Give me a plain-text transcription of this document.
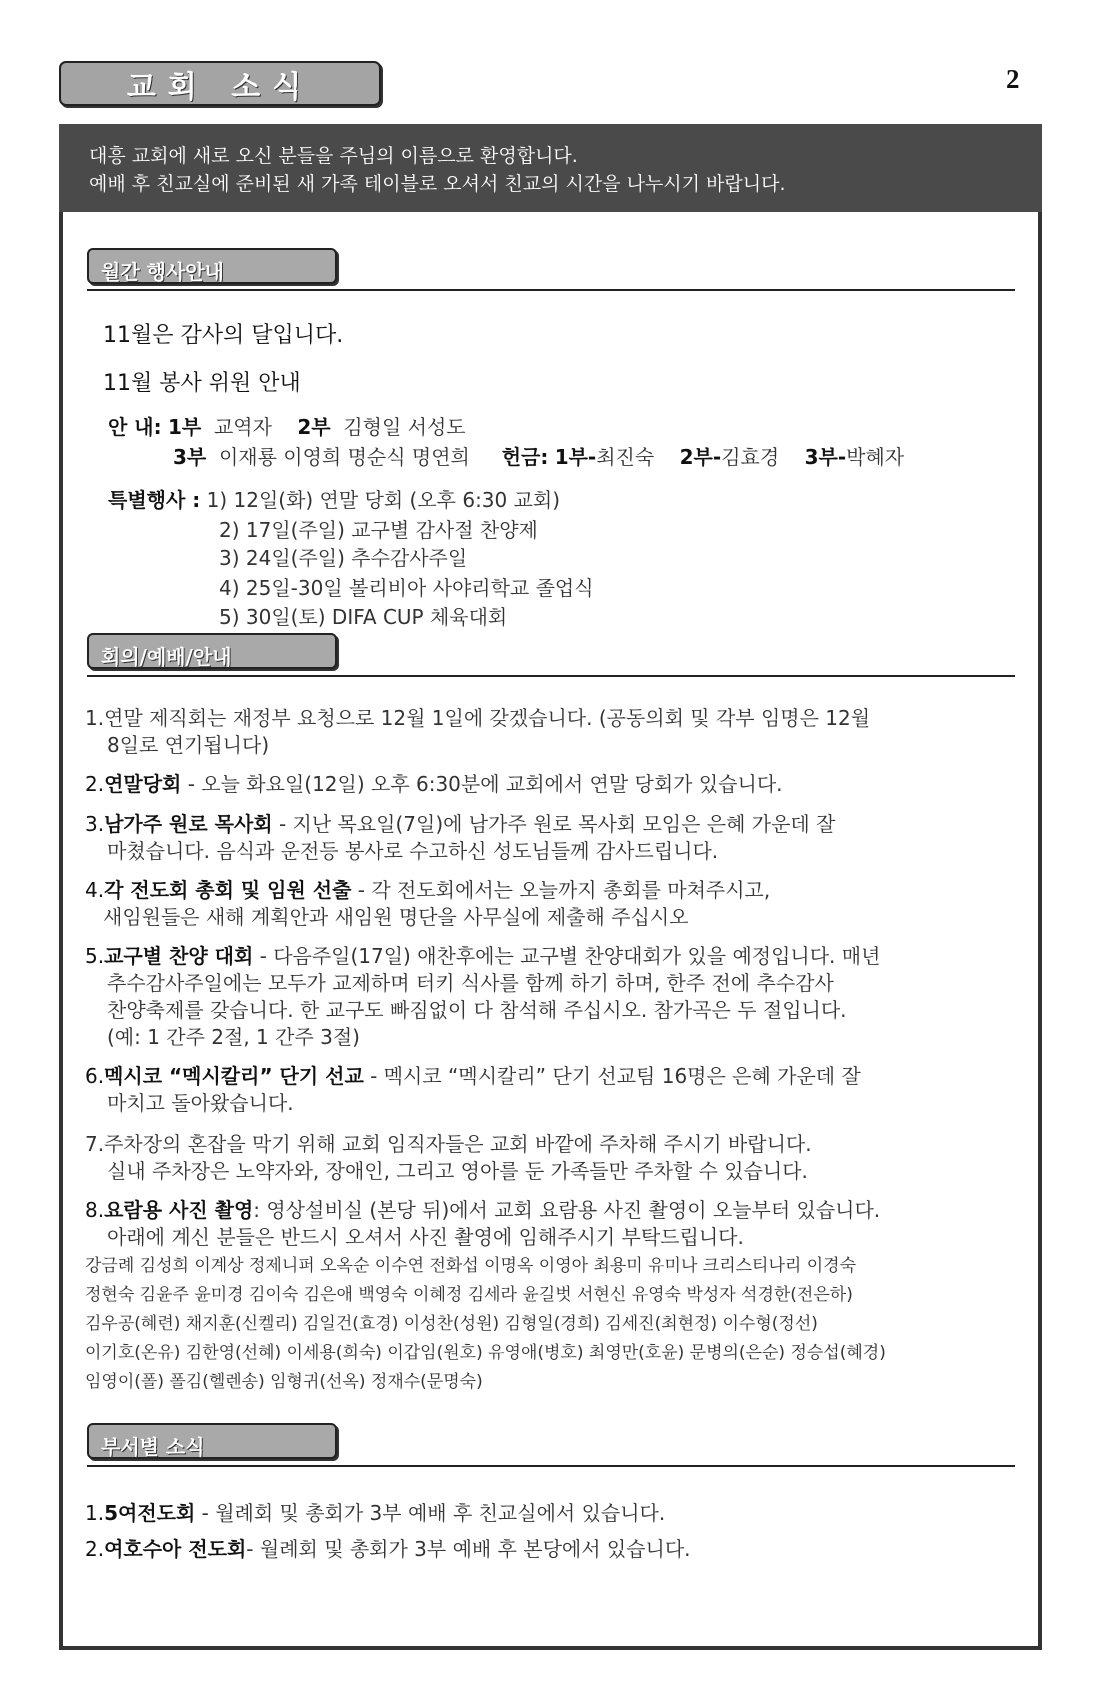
교회 소식	2
대흥 교회에 새로 오신 분들을 주님의 이름으로 환영합니다.
예배 후 친교실에 준비된 새 가족 테이블로 오셔서 친교의 시간을 나누시기 바랍니다.
월간 행사안내
11월은 감사의 달입니다.
11월 봉사 위원 안내
안 내: 1부 교역자 2부 김형일 서성도
3부 이재룡 이영희 명순식 명연희 헌금: 1부-최진숙 2부-김효경 3부-박혜자
특별행사 : 1) 12일(화) 연말 당회 (오후 6:30 교회)
2) 17일(주일) 교구별 감사절 찬양제
3) 24일(주일) 추수감사주일
4) 25일-30일 볼리비아 사야리학교 졸업식
5) 30일(토) DIFA CUP 체육대회
회의/예배/안내
1.연말 제직회는 재정부 요청으로 12월 1일에 갖겠습니다. (공동의회 및 각부 임명은 12월
8일로 연기됩니다)
2.연말당회 - 오늘 화요일(12일) 오후 6:30분에 교회에서 연말 당회가 있습니다.
3.남가주 원로 목사회 - 지난 목요일(7일)에 남가주 원로 목사회 모임은 은혜 가운데 잘
마쳤습니다. 음식과 운전등 봉사로 수고하신 성도님들께 감사드립니다.
4.각 전도회 총회 및 임원 선출 - 각 전도회에서는 오늘까지 총회를 마쳐주시고,
새임원들은 새해 계획안과 새임원 명단을 사무실에 제출해 주십시오
5.교구별 찬양 대회 - 다음주일(17일) 애찬후에는 교구별 찬양대회가 있을 예정입니다. 매년
추수감사주일에는 모두가 교제하며 터키 식사를 함께 하기 하며, 한주 전에 추수감사
찬양축제를 갖습니다. 한 교구도 빠짐없이 다 참석해 주십시오. 참가곡은 두 절입니다.
(예: 1 간주 2절, 1 간주 3절)
6.멕시코 “멕시칼리” 단기 선교 - 멕시코 “멕시칼리” 단기 선교팀 16명은 은혜 가운데 잘
마치고 돌아왔습니다.
7.주차장의 혼잡을 막기 위해 교회 임직자들은 교회 바깥에 주차해 주시기 바랍니다.
실내 주차장은 노약자와, 장애인, 그리고 영아를 둔 가족들만 주차할 수 있습니다.
8.요람용 사진 촬영: 영상설비실 (본당 뒤)에서 교회 요람용 사진 촬영이 오늘부터 있습니다.
아래에 계신 분들은 반드시 오셔서 사진 촬영에 임해주시기 부탁드립니다.
강금례 김성희 이계상 정제니퍼 오옥순 이수연 전화섭 이명옥 이영아 최용미 유미나 크리스티나리 이경숙
정현숙 김윤주 윤미경 김이숙 김은애 백영숙 이혜정 김세라 윤길벗 서현신 유영숙 박성자 석경한(전은하)
김우공(혜련) 채지훈(신켈리) 김일건(효경) 이성찬(성원) 김형일(경희) 김세진(최현정) 이수형(정선)
이기호(온유) 김한영(선혜) 이세용(희숙) 이갑임(원호) 유영애(병호) 최영만(호윤) 문병의(은순) 정승섭(혜경)
임영이(폴) 폴김(헬렌송) 임형귀(선옥) 정재수(문명숙)
부서별 소식
1.5여전도회 - 월례회 및 총회가 3부 예배 후 친교실에서 있습니다.
2.여호수아 전도회- 월례회 및 총회가 3부 예배 후 본당에서 있습니다.
